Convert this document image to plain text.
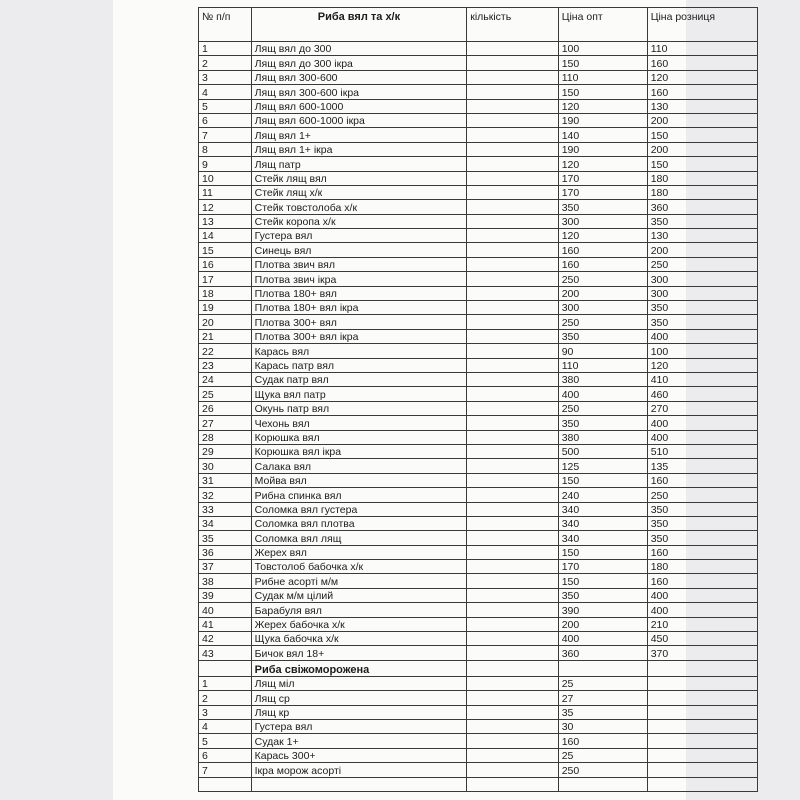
№ п/п	Риба вял та х/к	кількість	Ціна опт	Ціна розниця
1	Лящ вял до 300		100	110
2	Лящ вял до 300 ікра		150	160
3	Лящ вял 300-600		110	120
4	Лящ вял 300-600 ікра		150	160
5	Лящ вял 600-1000		120	130
6	Лящ вял 600-1000 ікра		190	200
7	Лящ вял 1+		140	150
8	Лящ вял 1+ ікра		190	200
9	Лящ патр		120	150
10	Стейк лящ вял		170	180
11	Стейк лящ х/к		170	180
12	Стейк товстолоба х/к		350	360
13	Стейк коропа х/к		300	350
14	Густера вял		120	130
15	Синець вял		160	200
16	Плотва звич вял		160	250
17	Плотва звич ікра		250	300
18	Плотва 180+ вял		200	300
19	Плотва 180+ вял ікра		300	350
20	Плотва 300+ вял		250	350
21	Плотва 300+ вял ікра		350	400
22	Карась вял		90	100
23	Карась патр вял		110	120
24	Судак патр вял		380	410
25	Щука вял патр		400	460
26	Окунь патр вял		250	270
27	Чехонь вял		350	400
28	Корюшка вял		380	400
29	Корюшка вял ікра		500	510
30	Салака вял		125	135
31	Мойва вял		150	160
32	Рибна спинка вял		240	250
33	Соломка вял густера		340	350
34	Соломка вял плотва		340	350
35	Соломка вял лящ		340	350
36	Жерех вял		150	160
37	Товстолоб бабочка х/к		170	180
38	Рибне асорті м/м		150	160
39	Судак м/м цілий		350	400
40	Барабуля вял		390	400
41	Жерех бабочка х/к		200	210
42	Щука бабочка х/к		400	450
43	Бичок вял 18+		360	370
	Риба свіжоморожена			
1	Лящ міл		25	
2	Лящ ср		27	
3	Лящ кр		35	
4	Густера вял		30	
5	Судак 1+		160	
6	Карась 300+		25	
7	Ікра морож асорті		250	
